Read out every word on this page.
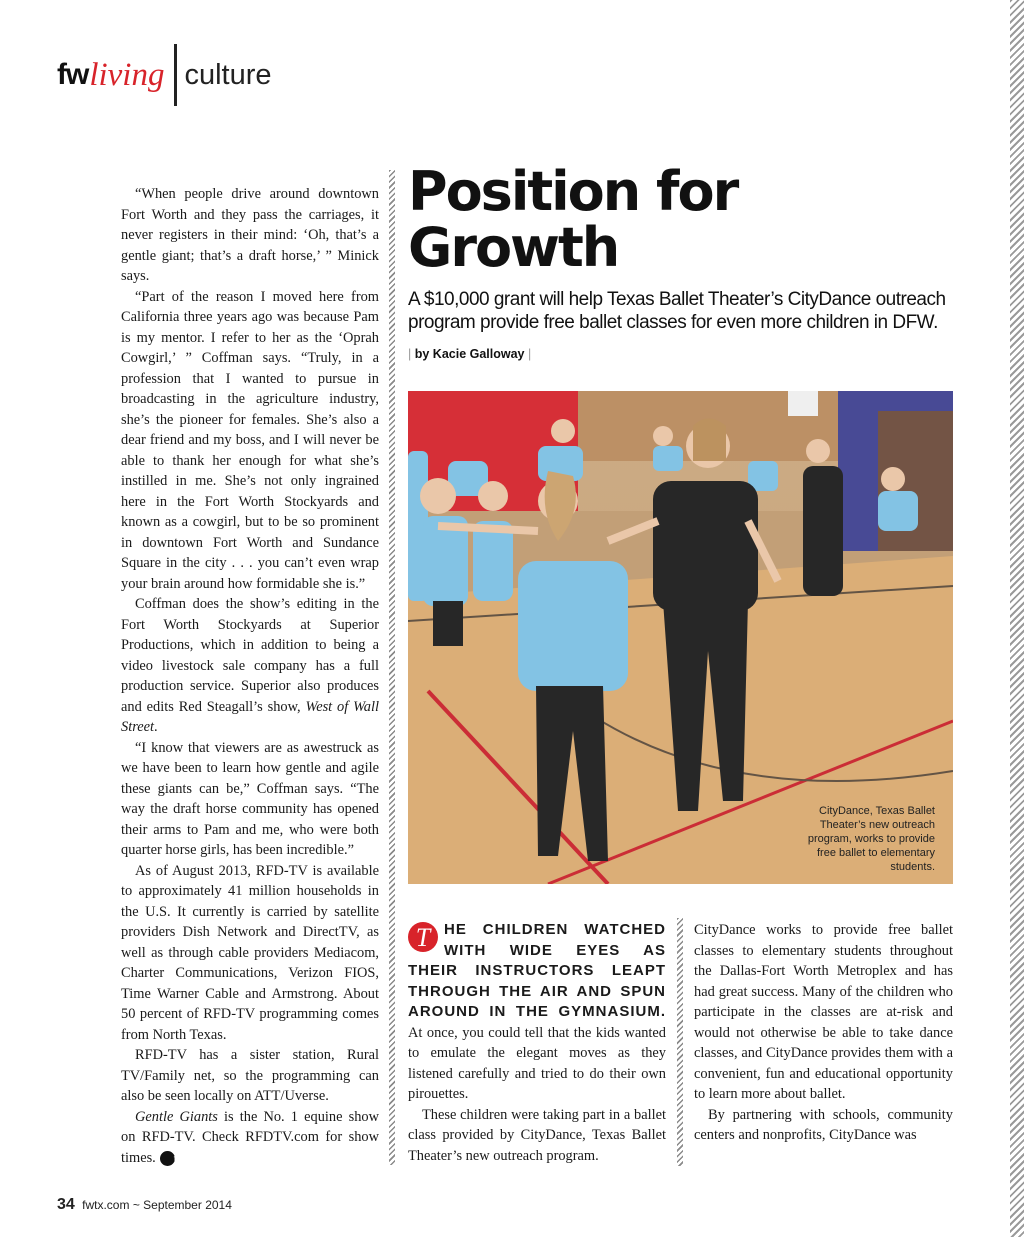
fw living culture

“When people drive around downtown Fort Worth and they pass the carriages, it never registers in their mind: ‘Oh, that’s a gentle giant; that’s a draft horse,’ ” Minick says.

“Part of the reason I moved here from California three years ago was because Pam is my mentor. I refer to her as the ‘Oprah Cowgirl,’ ” Coffman says. “Truly, in a profession that I wanted to pursue in broadcasting in the agriculture industry, she’s the pioneer for females. She’s also a dear friend and my boss, and I will never be able to thank her enough for what she’s instilled in me. She’s not only ingrained here in the Fort Worth Stockyards and known as a cowgirl, but to be so prominent in downtown Fort Worth and Sundance Square in the city . . . you can’t even wrap your brain around how formidable she is.”

Coffman does the show’s editing in the Fort Worth Stockyards at Superior Productions, which in addition to being a video livestock sale company has a full production service. Superior also produces and edits Red Steagall’s show, West of Wall Street.

“I know that viewers are as awestruck as we have been to learn how gentle and agile these giants can be,” Coffman says. “The way the draft horse community has opened their arms to Pam and me, who were both quarter horse girls, has been incredible.”

As of August 2013, RFD-TV is available to approximately 41 million households in the U.S. It currently is carried by satellite providers Dish Network and DirectTV, as well as through cable providers Mediacom, Charter Communications, Verizon FIOS, Time Warner Cable and Armstrong. About 50 percent of RFD-TV programming comes from North Texas.

RFD-TV has a sister station, Rural TV/Family net, so the programming can also be seen locally on ATT/Uverse.

Gentle Giants is the No. 1 equine show on RFD-TV. Check RFDTV.com for show times. fw

Position for Growth

A $10,000 grant will help Texas Ballet Theater’s CityDance outreach program provide free ballet classes for even more children in DFW.

| by Kacie Galloway |
CityDance, Texas Ballet Theater’s new outreach program, works to provide free ballet to elementary students.

T HE CHILDREN WATCHED WITH WIDE EYES AS THEIR INSTRUCTORS LEAPT THROUGH THE AIR AND SPUN AROUND IN THE GYMNASIUM. At once, you could tell that the kids wanted to emulate the elegant moves as they listened carefully and tried to do their own pirouettes.

These children were taking part in a ballet class provided by CityDance, Texas Ballet Theater’s new outreach program.

CityDance works to provide free ballet classes to elementary students throughout the Dallas-Fort Worth Metroplex and has had great success. Many of the children who participate in the classes are at-risk and would not otherwise be able to take dance classes, and CityDance provides them with a convenient, fun and educational opportunity to learn more about ballet.

By partnering with schools, community centers and nonprofits, CityDance was

34 fwtx.com ~ September 2014
